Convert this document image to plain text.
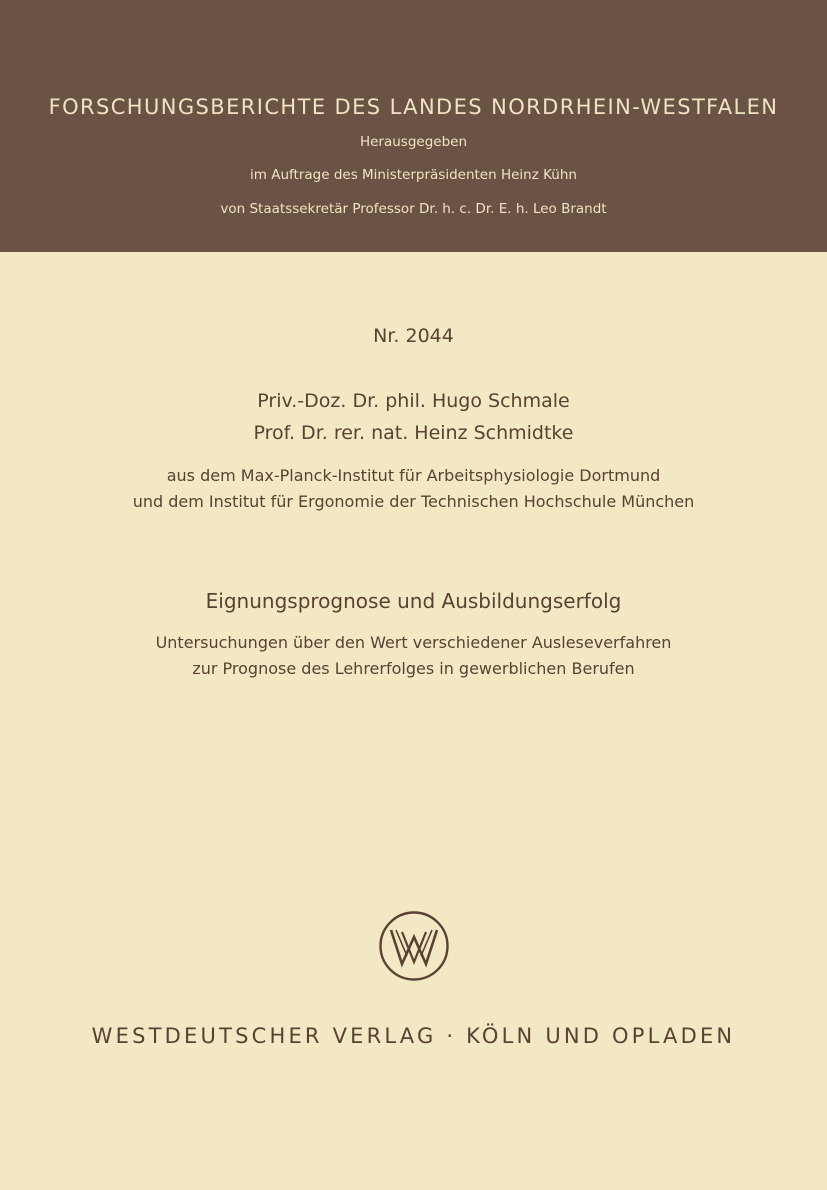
FORSCHUNGSBERICHTE DES LANDES NORDRHEIN-WESTFALEN
Herausgegeben
im Auftrage des Ministerpräsidenten Heinz Kühn
von Staatssekretär Professor Dr. h. c. Dr. E. h. Leo Brandt
Nr. 2044
Priv.-Doz. Dr. phil. Hugo Schmale
Prof. Dr. rer. nat. Heinz Schmidtke
aus dem Max-Planck-Institut für Arbeitsphysiologie Dortmund
und dem Institut für Ergonomie der Technischen Hochschule München
Eignungsprognose und Ausbildungserfolg
Untersuchungen über den Wert verschiedener Ausleseverfahren
zur Prognose des Lehrerfolges in gewerblichen Berufen
WESTDEUTSCHER VERLAG · KÖLN UND OPLADEN
